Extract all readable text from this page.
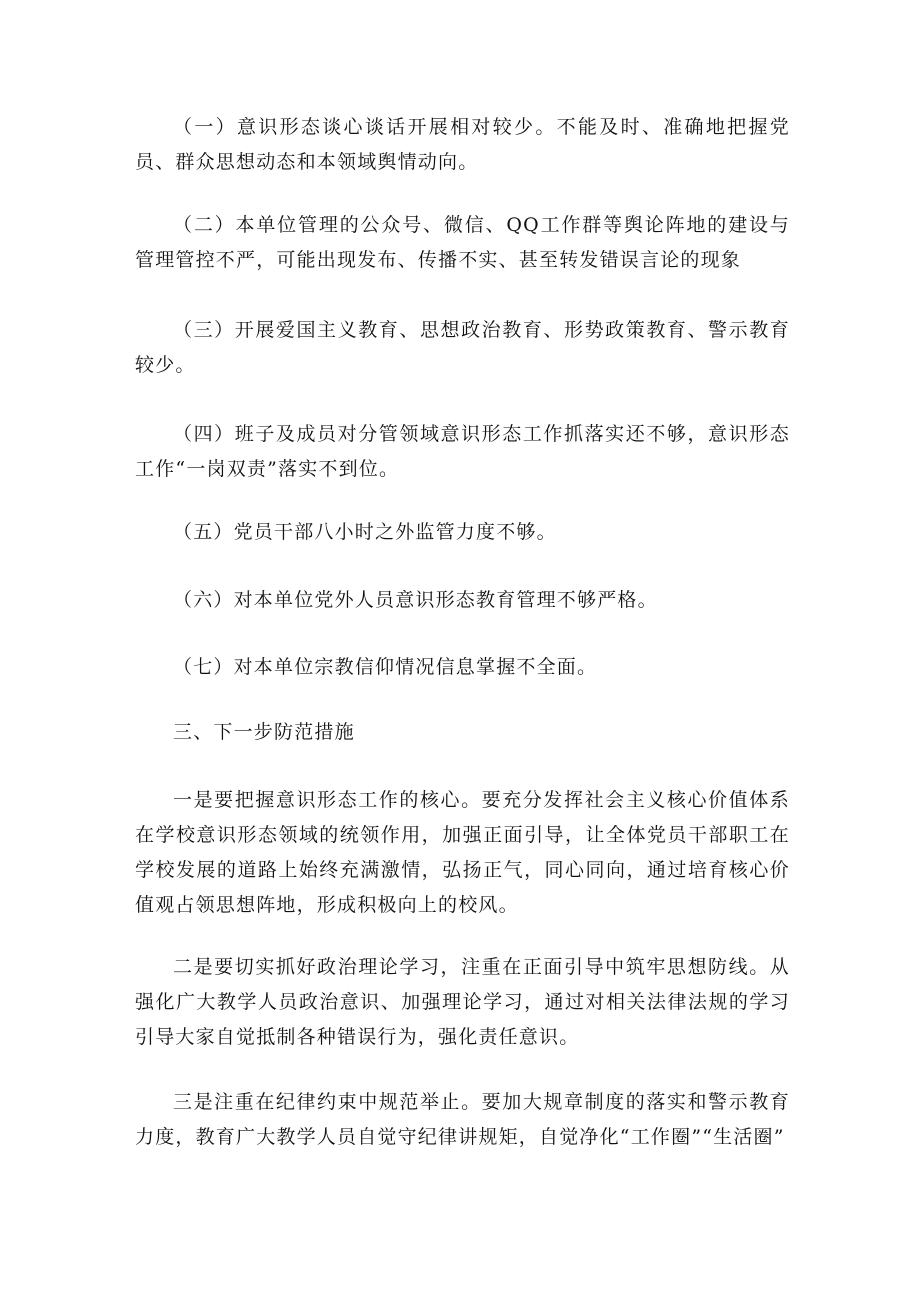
（一）意识形态谈心谈话开展相对较少。不能及时、准确地把握党员、群众思想动态和本领域舆情动向。

（二）本单位管理的公众号、微信、QQ工作群等舆论阵地的建设与管理管控不严，可能出现发布、传播不实、甚至转发错误言论的现象

（三）开展爱国主义教育、思想政治教育、形势政策教育、警示教育较少。

（四）班子及成员对分管领域意识形态工作抓落实还不够，意识形态工作“一岗双责”落实不到位。

（五）党员干部八小时之外监管力度不够。

（六）对本单位党外人员意识形态教育管理不够严格。

（七）对本单位宗教信仰情况信息掌握不全面。

三、下一步防范措施

一是要把握意识形态工作的核心。要充分发挥社会主义核心价值体系在学校意识形态领域的统领作用，加强正面引导，让全体党员干部职工在学校发展的道路上始终充满激情，弘扬正气，同心同向，通过培育核心价值观占领思想阵地，形成积极向上的校风。

二是要切实抓好政治理论学习，注重在正面引导中筑牢思想防线。从强化广大教学人员政治意识、加强理论学习，通过对相关法律法规的学习引导大家自觉抵制各种错误行为，强化责任意识。

三是注重在纪律约束中规范举止。要加大规章制度的落实和警示教育力度，教育广大教学人员自觉守纪律讲规矩，自觉净化“工作圈”“生活圈”
